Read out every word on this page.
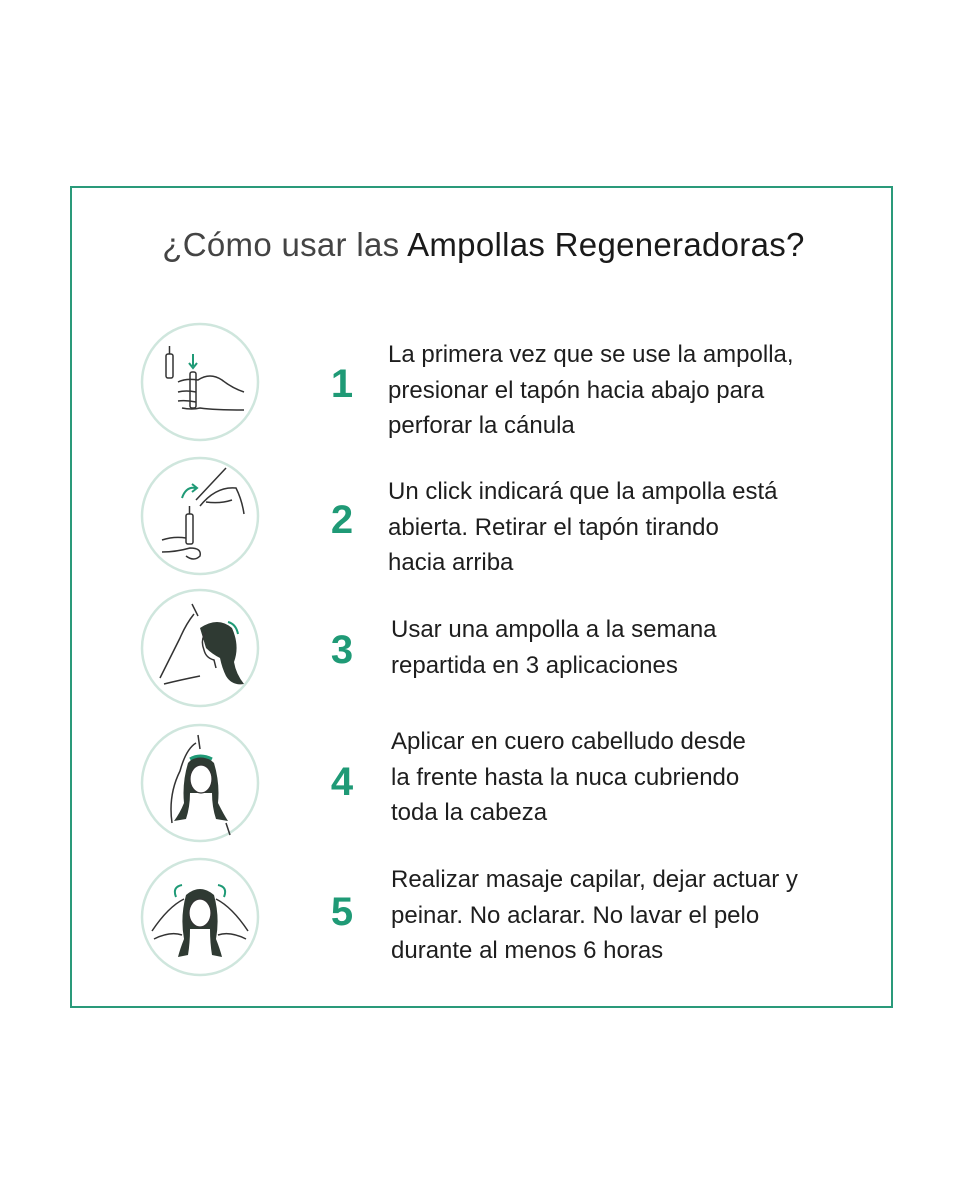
¿Cómo usar las Ampollas Regeneradoras?
1
La primera vez que se use la ampolla,
presionar el tapón hacia abajo para
perforar la cánula
2
Un click indicará que la ampolla está
abierta. Retirar el tapón tirando
hacia arriba
3 Usar una ampolla a la semana
repartida en 3 aplicaciones
4
Aplicar en cuero cabelludo desde
la frente hasta la nuca cubriendo
toda la cabeza
5
Realizar masaje capilar, dejar actuar y
peinar. No aclarar. No lavar el pelo
durante al menos 6 horas
